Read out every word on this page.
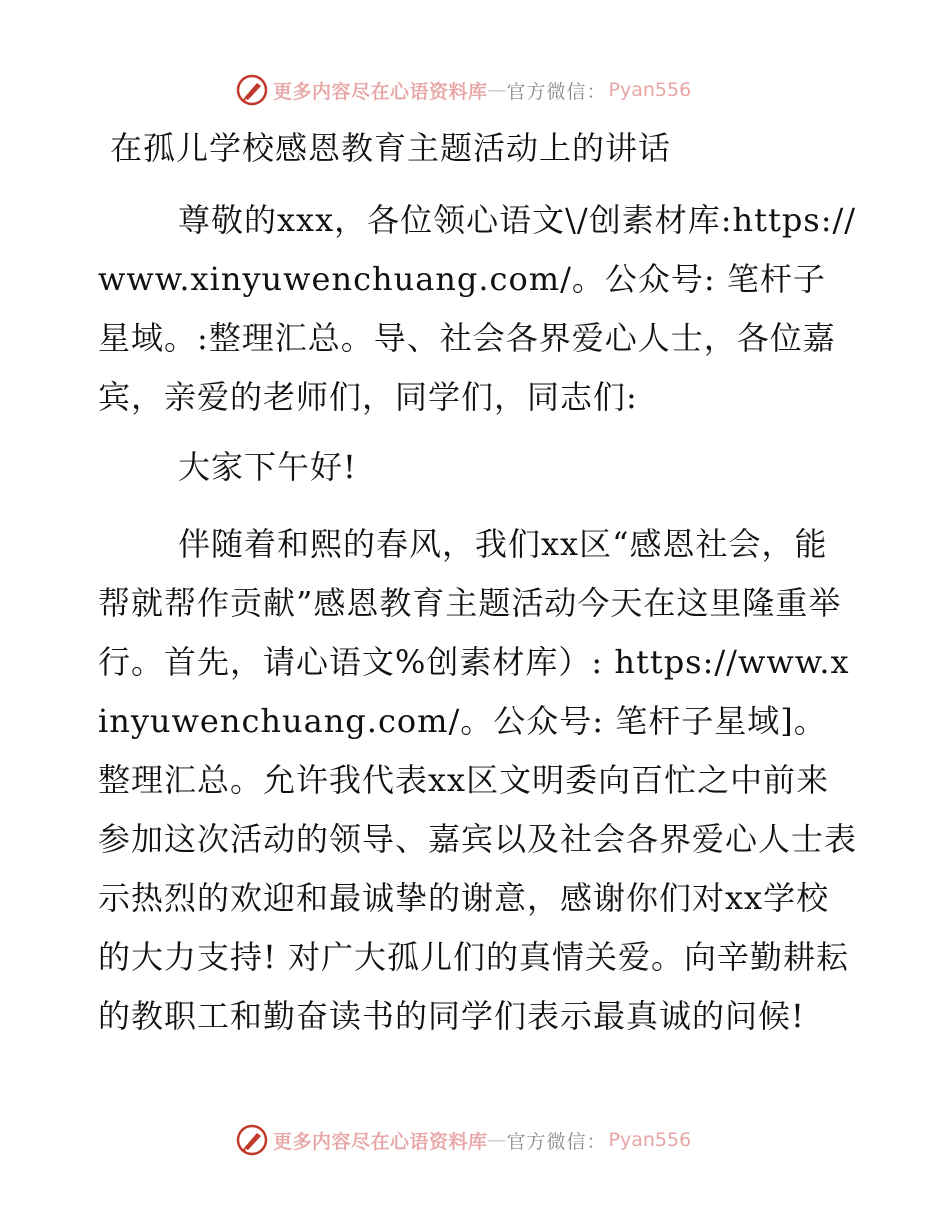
更多内容尽在心语资料库 — 官方微信： Pyan556
在孤儿学校感恩教育主题活动上的讲话

尊敬的xxx，各位领心语文\/创素材库:https://www.xinyuwenchuang.com/。公众号: 笔杆子星域。:整理汇总。导、社会各界爱心人士，各位嘉宾，亲爱的老师们，同学们，同志们:

大家下午好!

伴随着和熙的春风，我们xx区“感恩社会，能帮就帮作贡献”感恩教育主题活动今天在这里隆重举行。首先，请心语文%创素材库）: https://www.xinyuwenchuang.com/。公众号: 笔杆子星域]。整理汇总。允许我代表xx区文明委向百忙之中前来参加这次活动的领导、嘉宾以及社会各界爱心人士表示热烈的欢迎和最诚挚的谢意，感谢你们对xx学校的大力支持! 对广大孤儿们的真情关爱。向辛勤耕耘的教职工和勤奋读书的同学们表示最真诚的问候!

更多内容尽在心语资料库 — 官方微信： Pyan556
